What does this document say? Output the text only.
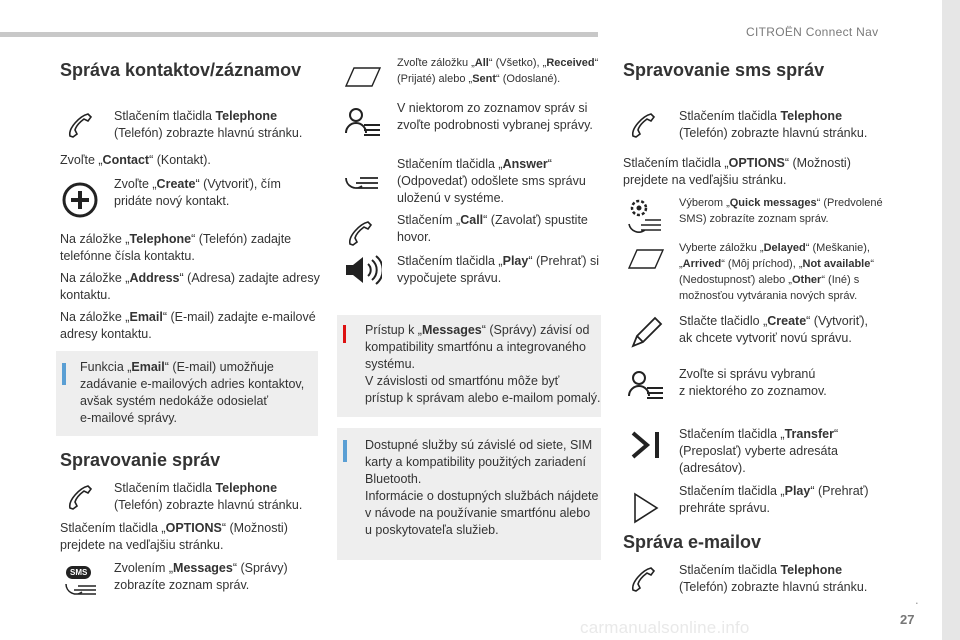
CITROËN Connect Nav
.
27
carmanualsonline.info
Správa kontaktov/záznamov
Stlačením tlačidla Telephone
(Telefón) zobrazte hlavnú stránku.
Zvoľte „Contact“ (Kontakt).
Zvoľte „Create“ (Vytvoriť), čím
pridáte nový kontakt.
Na záložke „Telephone“ (Telefón) zadajte
telefónne čísla kontaktu.
Na záložke „Address“ (Adresa) zadajte adresy
kontaktu.
Na záložke „Email“ (E-mail) zadajte e-mailové
adresy kontaktu.
Funkcia „Email“ (E-mail) umožňuje
zadávanie e-mailových adries kontaktov,
avšak systém nedokáže odosielať
e-mailové správy.
Spravovanie správ
Stlačením tlačidla Telephone
(Telefón) zobrazte hlavnú stránku.
Stlačením tlačidla „OPTIONS“ (Možnosti)
prejdete na vedľajšiu stránku.
SMS	Zvolením „Messages“ (Správy)
zobrazíte zoznam správ.
Zvoľte záložku „All“ (Všetko), „Received“
(Prijaté) alebo „Sent“ (Odoslané).
V niektorom zo zoznamov správ si
zvoľte podrobnosti vybranej správy.
Stlačením tlačidla „Answer“
(Odpovedať) odošlete sms správu
uloženú v systéme.
Stlačením „Call“ (Zavolať) spustite
hovor.
Stlačením tlačidla „Play“ (Prehrať) si
vypočujete správu.
Prístup k „Messages“ (Správy) závisí od
kompatibility smartfónu a integrovaného
systému.
V závislosti od smartfónu môže byť
prístup k správam alebo e-mailom pomalý.
Dostupné služby sú závislé od siete, SIM
karty a kompatibility použitých zariadení
Bluetooth.
Informácie o dostupných službách nájdete
v návode na používanie smartfónu alebo
u poskytovateľa služieb.
Spravovanie sms správ
Stlačením tlačidla Telephone
(Telefón) zobrazte hlavnú stránku.
Stlačením tlačidla „OPTIONS“ (Možnosti)
prejdete na vedľajšiu stránku.
Výberom „Quick messages“ (Predvolené
SMS) zobrazíte zoznam správ.
Vyberte záložku „Delayed“ (Meškanie),
„Arrived“ (Môj príchod), „Not available“
(Nedostupnosť) alebo „Other“ (Iné) s
možnosťou vytvárania nových správ.
Stlačte tlačidlo „Create“ (Vytvoriť),
ak chcete vytvoriť novú správu.
Zvoľte si správu vybranú
z niektorého zo zoznamov.
Stlačením tlačidla „Transfer“
(Preposlať) vyberte adresáta
(adresátov).
Stlačením tlačidla „Play“ (Prehrať)
prehráte správu.
Správa e-mailov
Stlačením tlačidla Telephone
(Telefón) zobrazte hlavnú stránku.
